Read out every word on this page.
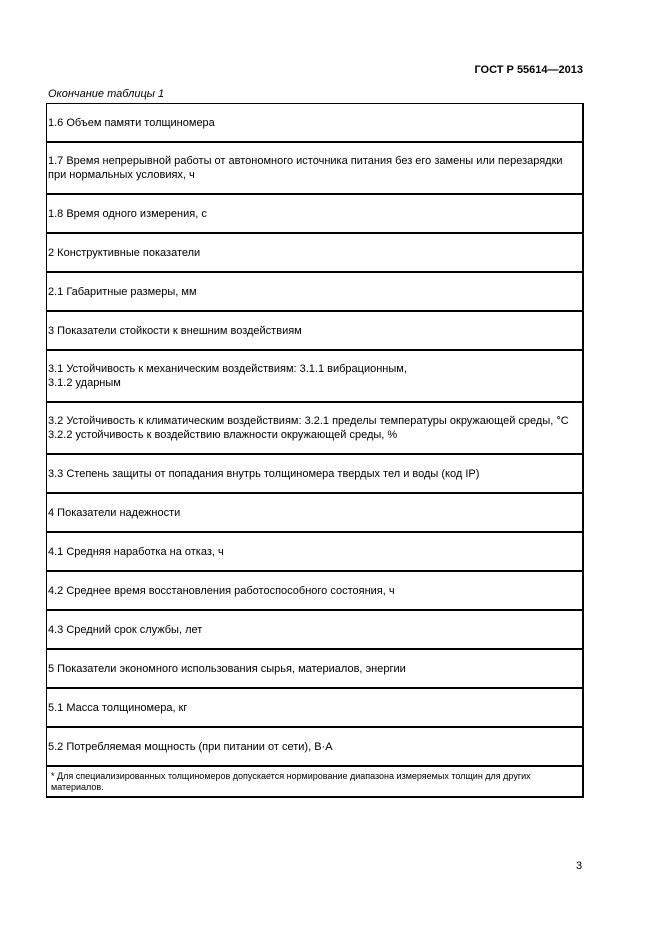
ГОСТ Р 55614—2013
Окончание таблицы 1
1.6 Объем памяти толщиномера
1.7 Время непрерывной работы от автономного источника питания без его замены или перезарядки
при нормальных условиях, ч
1.8 Время одного измерения, с
2 Конструктивные показатели
2.1 Габаритные размеры, мм
3 Показатели стойкости к внешним воздействиям
3.1 Устойчивость к механическим воздействиям: 3.1.1 вибрационным,
3.1.2 ударным
3.2 Устойчивость к климатическим воздействиям: 3.2.1 пределы температуры окружающей среды, °С
3.2.2 устойчивость к воздействию влажности окружающей среды, %
3.3 Степень защиты от попадания внутрь толщиномера твердых тел и воды (код IP)
4 Показатели надежности
4.1 Средняя наработка на отказ, ч
4.2 Среднее время восстановления работоспособного состояния, ч
4.3 Средний срок службы, лет
5 Показатели экономного использования сырья, материалов, энергии
5.1 Масса толщиномера, кг
5.2 Потребляемая мощность (при питании от сети), В·А
* Для специализированных толщиномеров допускается нормирование диапазона измеряемых толщин для других материалов.
3
